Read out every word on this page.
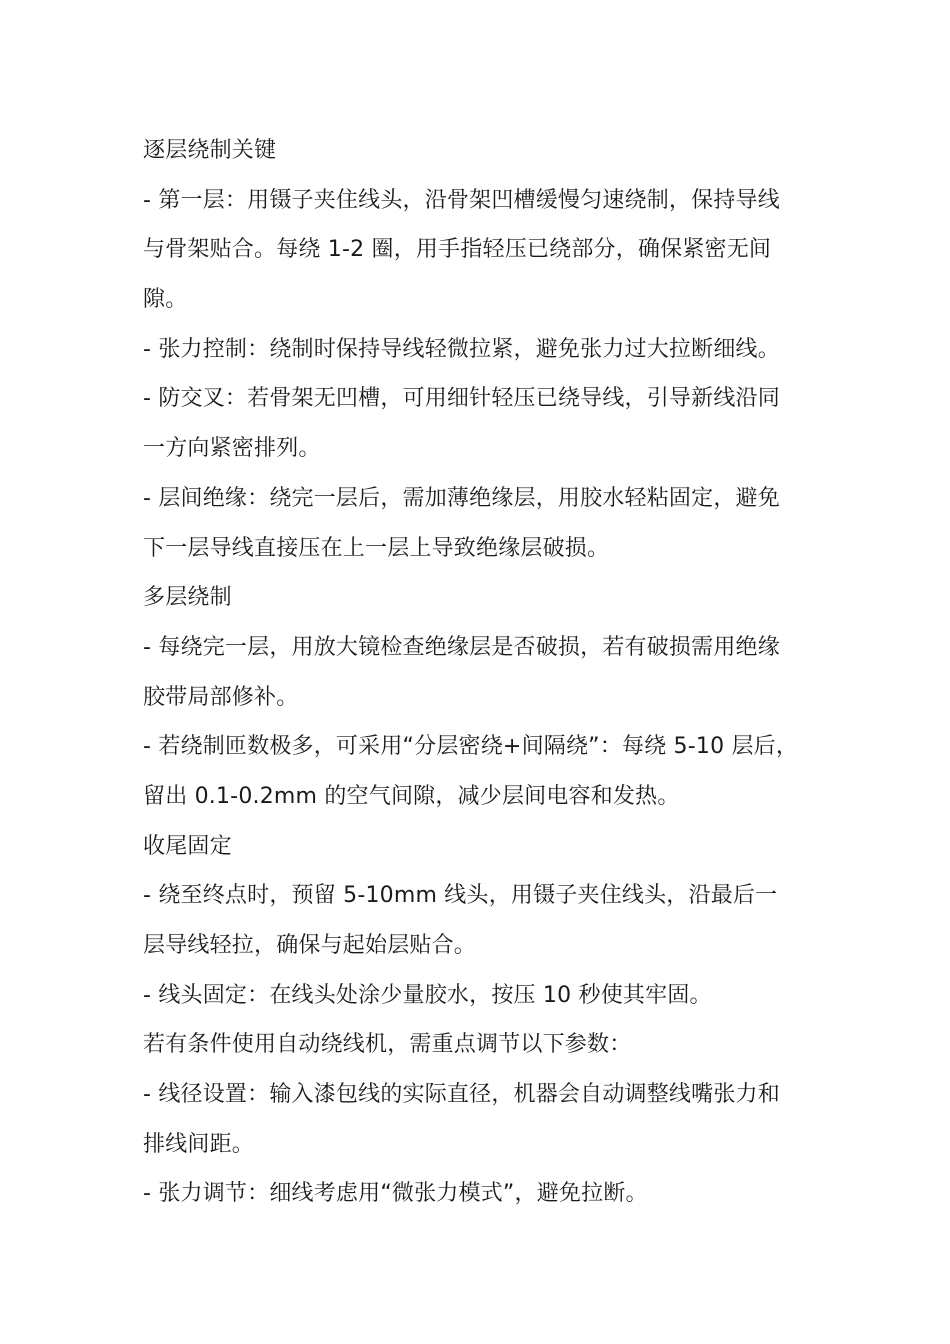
逐层绕制关键
- 第一层：用镊子夹住线头，沿骨架凹槽缓慢匀速绕制，保持导线
与骨架贴合。每绕 1-2 圈，用手指轻压已绕部分，确保紧密无间
隙。
- 张力控制：绕制时保持导线轻微拉紧，避免张力过大拉断细线。
- 防交叉：若骨架无凹槽，可用细针轻压已绕导线，引导新线沿同
一方向紧密排列。
- 层间绝缘：绕完一层后，需加薄绝缘层，用胶水轻粘固定，避免
下一层导线直接压在上一层上导致绝缘层破损。
多层绕制
- 每绕完一层，用放大镜检查绝缘层是否破损，若有破损需用绝缘
胶带局部修补。
- 若绕制匝数极多，可采用“分层密绕+间隔绕”：每绕 5-10 层后，
留出 0.1-0.2mm 的空气间隙，减少层间电容和发热。
收尾固定
- 绕至终点时，预留 5-10mm 线头，用镊子夹住线头，沿最后一
层导线轻拉，确保与起始层贴合。
- 线头固定：在线头处涂少量胶水，按压 10 秒使其牢固。
若有条件使用自动绕线机，需重点调节以下参数：
- 线径设置：输入漆包线的实际直径，机器会自动调整线嘴张力和
排线间距。
- 张力调节：细线考虑用“微张力模式”，避免拉断。
